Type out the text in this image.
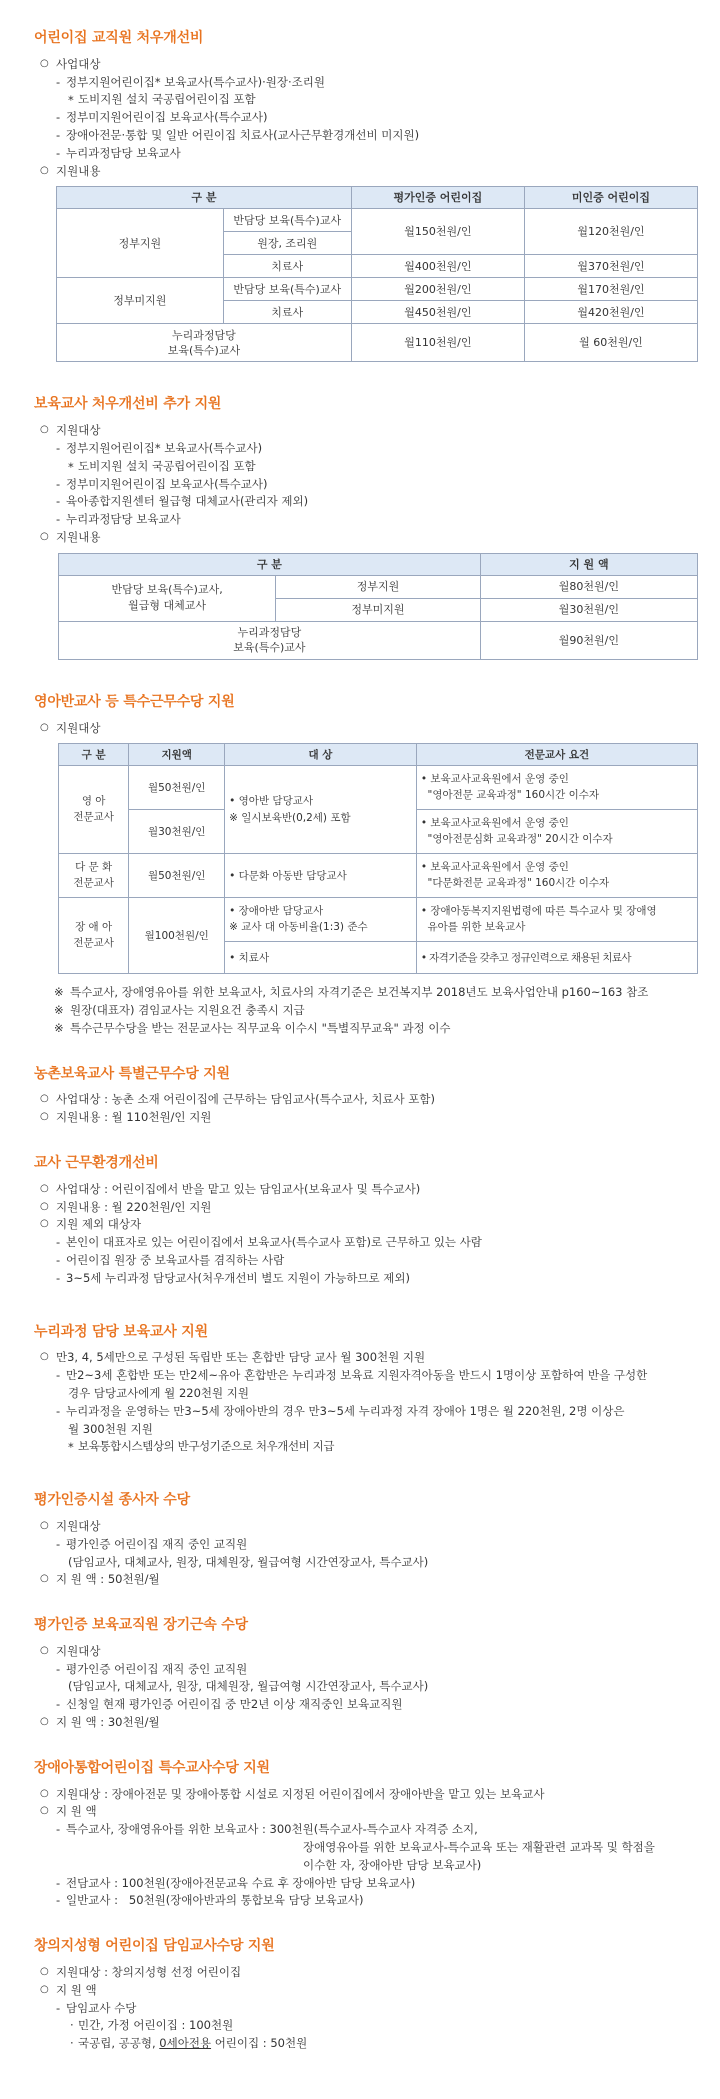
어린이집 교직원 처우개선비
○ 사업대상
- 정부지원어린이집* 보육교사(특수교사)·원장·조리원
* 도비지원 설치 국공립어린이집 포함
- 정부미지원어린이집 보육교사(특수교사)
- 장애아전문·통합 및 일반 어린이집 치료사(교사근무환경개선비 미지원)
- 누리과정담당 보육교사
○ 지원내용
구 분		평가인증 어린이집	미인증 어린이집
정부지원	반담당 보육(특수)교사	월150천원/인	월120천원/인
	원장, 조리원		
	치료사	월400천원/인	월370천원/인
정부미지원	반담당 보육(특수)교사	월200천원/인	월170천원/인
	치료사	월450천원/인	월420천원/인
누리과정담당
보육(특수)교사		월110천원/인	월 60천원/인
보육교사 처우개선비 추가 지원
○ 지원대상
- 정부지원어린이집* 보육교사(특수교사)
* 도비지원 설치 국공립어린이집 포함
- 정부미지원어린이집 보육교사(특수교사)
- 육아종합지원센터 월급형 대체교사(관리자 제외)
- 누리과정담당 보육교사
○ 지원내용
구 분		지 원 액
반담당 보육(특수)교사,
월급형 대체교사	정부지원	월80천원/인
	정부미지원	월30천원/인
누리과정담당
보육(특수)교사		월90천원/인
영아반교사 등 특수근무수당 지원
○ 지원대상
구 분	지원액	대 상	전문교사 요건
영 아
전문교사	월50천원/인	• 영아반 담당교사
※ 일시보육반(0,2세) 포함	• 보육교사교육원에서 운영 중인
"영아전문 교육과정" 160시간 이수자
	월30천원/인		• 보육교사교육원에서 운영 중인
"영아전문심화 교육과정" 20시간 이수자
다 문 화
전문교사	월50천원/인	• 다문화 아동반 담당교사	• 보육교사교육원에서 운영 중인
"다문화전문 교육과정" 160시간 이수자
장 애 아
전문교사	월100천원/인	• 장애아반 담당교사
※ 교사 대 아동비율(1:3) 준수	• 장애아동복지지원법령에 따른 특수교사 및 장애영
유아를 위한 보육교사
		• 치료사	• 자격기준을 갖추고 정규인력으로 채용된 치료사
※ 특수교사, 장애영유아를 위한 보육교사, 치료사의 자격기준은 보건복지부 2018년도 보육사업안내 p160~163 참조
※ 원장(대표자) 겸임교사는 지원요건 충족시 지급
※ 특수근무수당을 받는 전문교사는 직무교육 이수시 "특별직무교육" 과정 이수
농촌보육교사 특별근무수당 지원
○ 사업대상 : 농촌 소재 어린이집에 근무하는 담임교사(특수교사, 치료사 포함)
○ 지원내용 : 월 110천원/인 지원
교사 근무환경개선비
○ 사업대상 : 어린이집에서 반을 맡고 있는 담임교사(보육교사 및 특수교사)
○ 지원내용 : 월 220천원/인 지원
○ 지원 제외 대상자
- 본인이 대표자로 있는 어린이집에서 보육교사(특수교사 포함)로 근무하고 있는 사람
- 어린이집 원장 중 보육교사를 겸직하는 사람
- 3~5세 누리과정 담당교사(처우개선비 별도 지원이 가능하므로 제외)
누리과정 담당 보육교사 지원
○ 만3, 4, 5세만으로 구성된 독립반 또는 혼합반 담당 교사 월 300천원 지원
- 만2~3세 혼합반 또는 만2세~유아 혼합반은 누리과정 보육료 지원자격아동을 반드시 1명이상 포함하여 반을 구성한
경우 담당교사에게 월 220천원 지원
- 누리과정을 운영하는 만3~5세 장애아반의 경우 만3~5세 누리과정 자격 장애아 1명은 월 220천원, 2명 이상은
월 300천원 지원
* 보육통합시스템상의 반구성기준으로 처우개선비 지급
평가인증시설 종사자 수당
○ 지원대상
- 평가인증 어린이집 재직 중인 교직원
(담임교사, 대체교사, 원장, 대체원장, 월급여형 시간연장교사, 특수교사)
○ 지 원 액 : 50천원/월
평가인증 보육교직원 장기근속 수당
○ 지원대상
- 평가인증 어린이집 재직 중인 교직원
(담임교사, 대체교사, 원장, 대체원장, 월급여형 시간연장교사, 특수교사)
- 신청일 현재 평가인증 어린이집 중 만2년 이상 재직중인 보육교직원
○ 지 원 액 : 30천원/월
장애아통합어린이집 특수교사수당 지원
○ 지원대상 : 장애아전문 및 장애아통합 시설로 지정된 어린이집에서 장애아반을 맡고 있는 보육교사
○ 지 원 액
- 특수교사, 장애영유아를 위한 보육교사 : 300천원(특수교사-특수교사 자격증 소지,
장애영유아를 위한 보육교사-특수교육 또는 재활관련 교과목 및 학점을
이수한 자, 장애아반 담당 보육교사)
- 전담교사 : 100천원(장애아전문교육 수료 후 장애아반 담당 보육교사)
- 일반교사 :   50천원(장애아반과의 통합보육 담당 보육교사)
창의지성형 어린이집 담임교사수당 지원
○ 지원대상 : 창의지성형 선정 어린이집
○ 지 원 액
- 담임교사 수당
· 민간, 가정 어린이집 : 100천원
· 국공립, 공공형, 0세아전용 어린이집 : 50천원
